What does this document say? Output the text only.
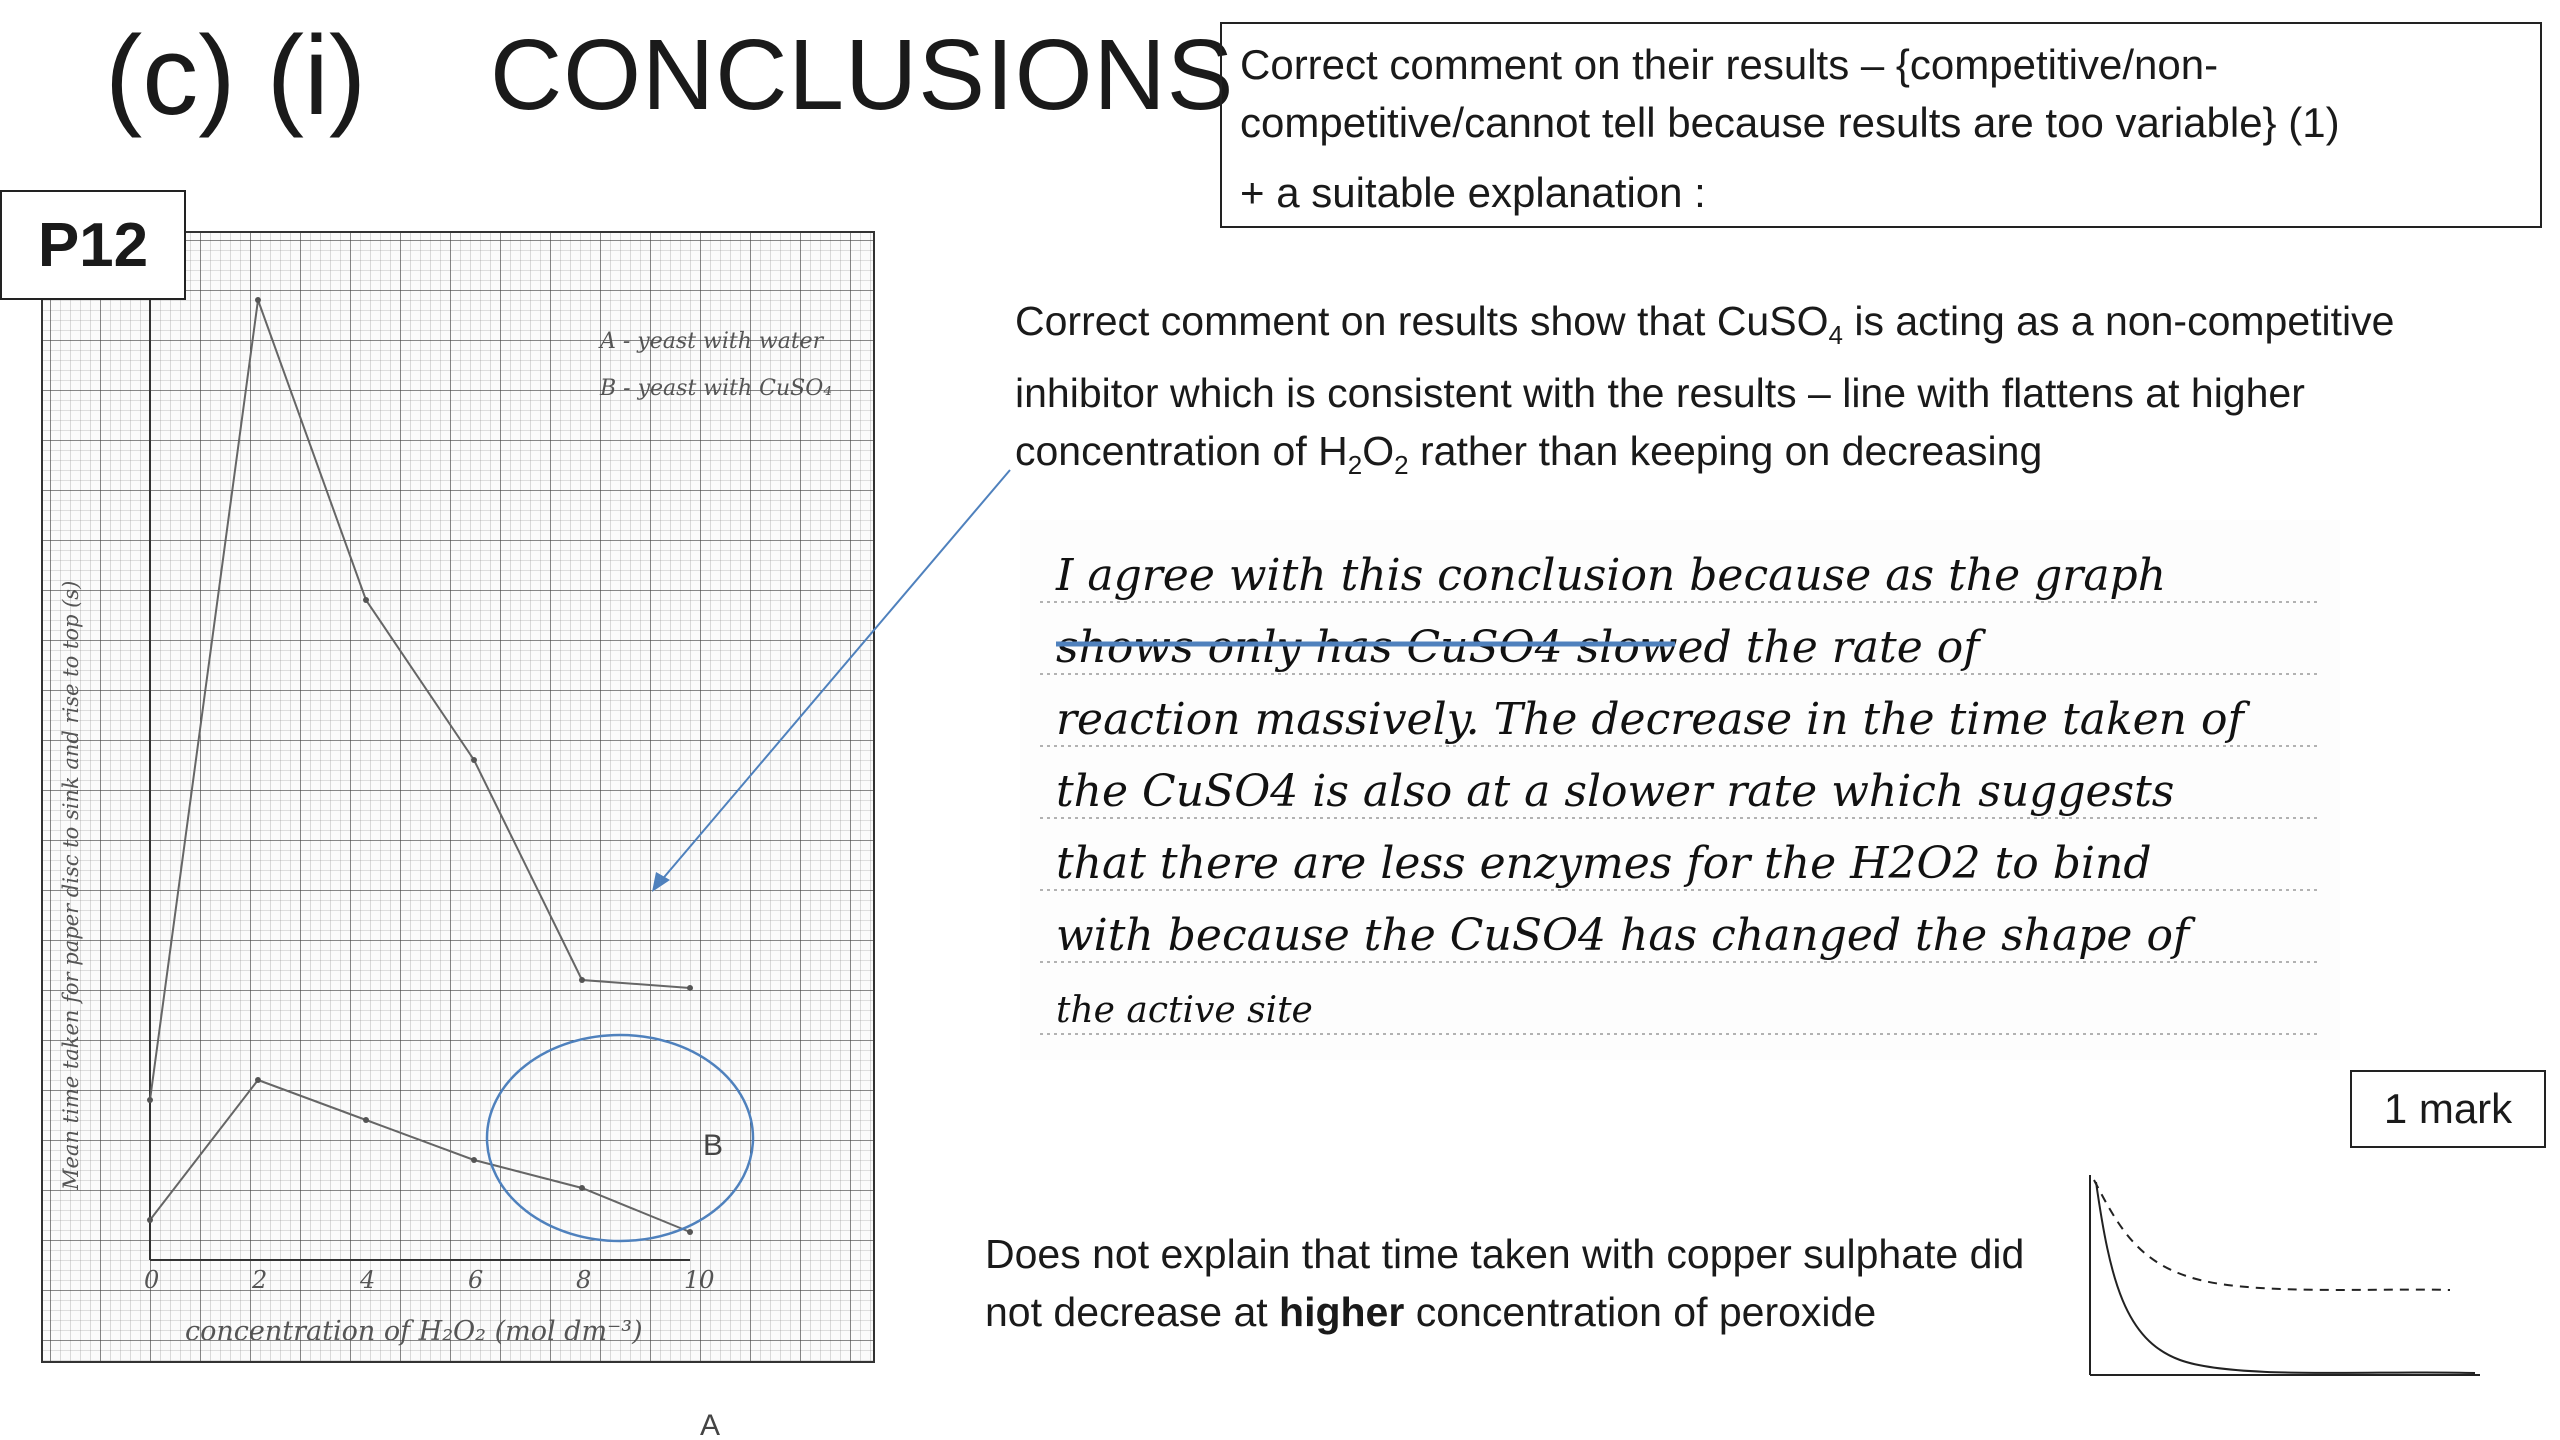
(c) (i) CONCLUSIONS Correct comment on their results – {competitive/non-competitive/cannot tell because results are too variable} (1)
+ a suitable explanation :
0	2	4	6	8	10
A - yeast with water
B - yeast with CuSO₄
Mean time taken for paper disc to sink and rise to top (s)
concentration of H₂O₂ (mol dm⁻³)
B
A
P12
Correct comment on results show that CuSO$_4$ is acting as a non-competitive inhibitor which is consistent with the results – line with flattens at higher concentration of $H_2O_2$ rather than keeping on decreasing
I agree with this conclusion because as the graph
shows only has CuSO4 slowed the rate of
reaction massively. The decrease in the time taken of
the CuSO4 is also at a slower rate which suggests
that there are less enzymes for the H2O2 to bind
with because the CuSO4 has changed the shape of
the active site
1 mark
Does not explain that time taken with copper sulphate did not decrease at higher concentration of peroxide
